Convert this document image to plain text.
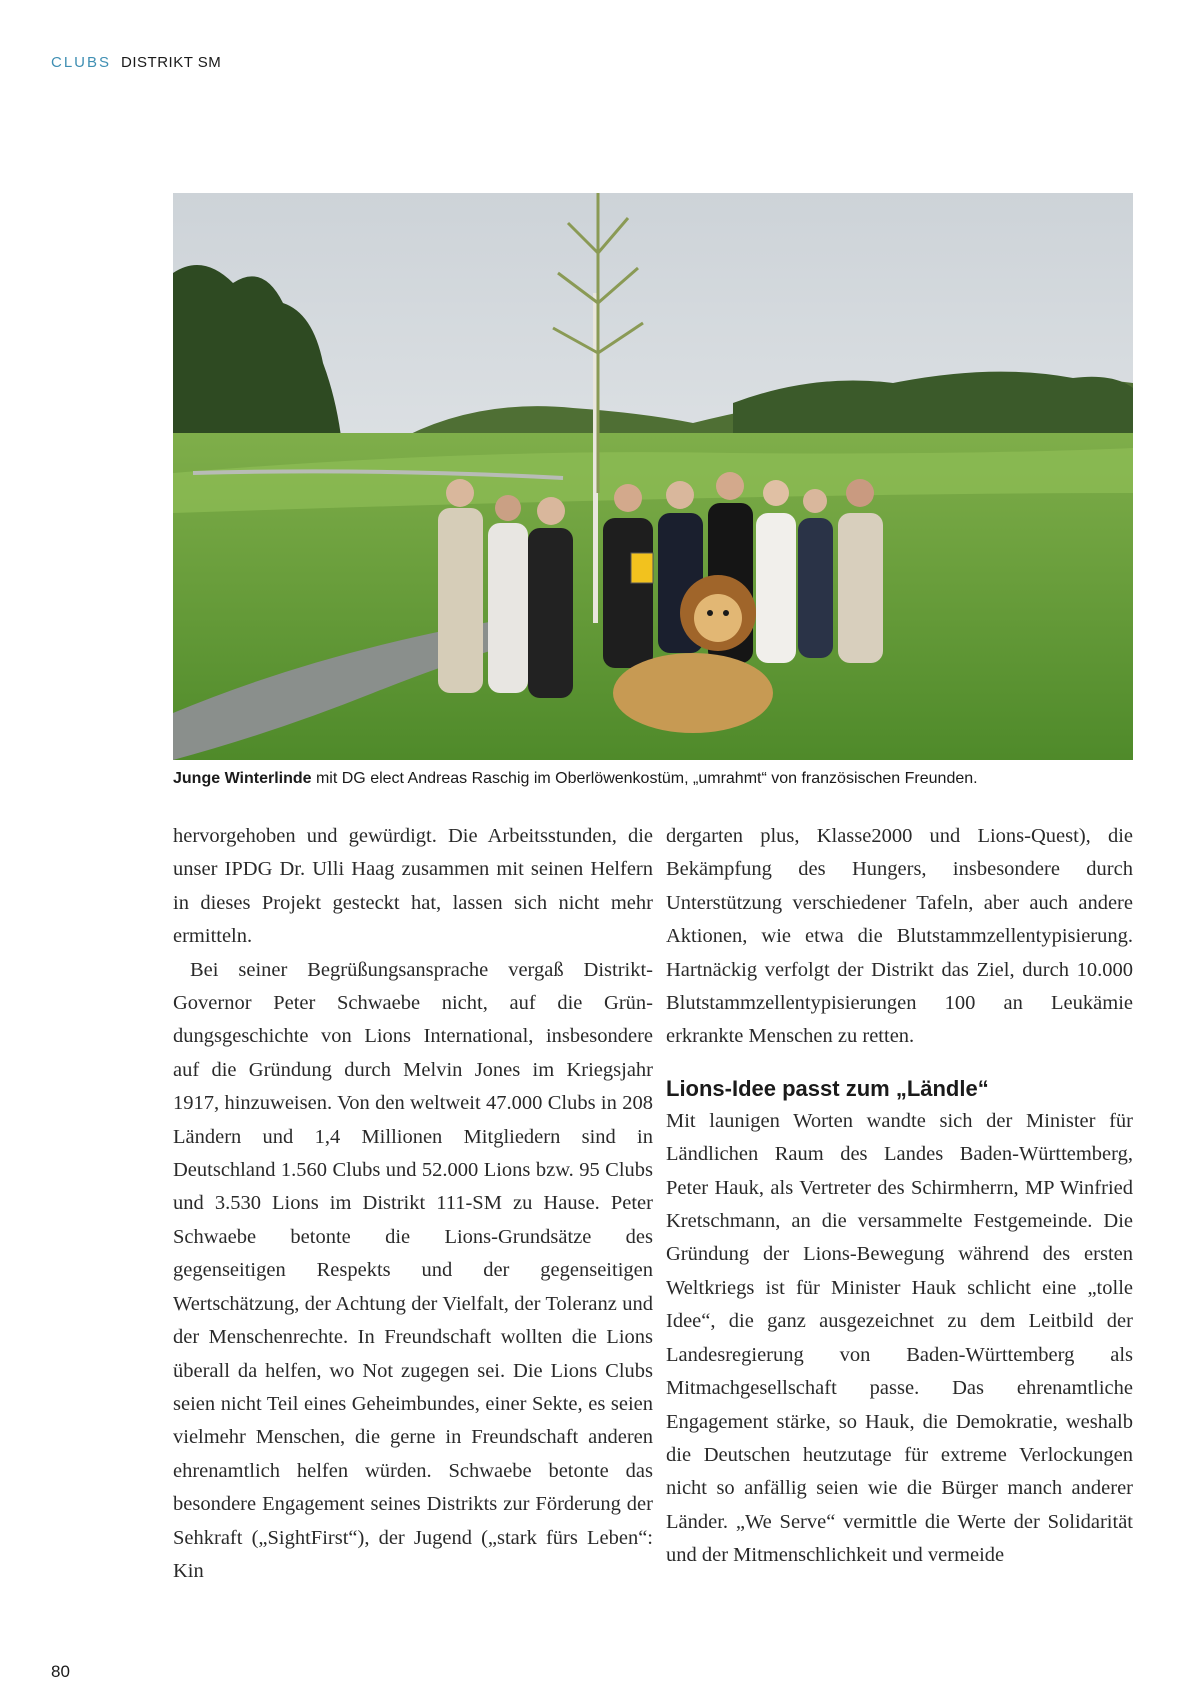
CLUBS DISTRIKT SM
Junge Winterlinde mit DG elect Andreas Raschig im Oberlöwenkostüm, „umrahmt“ von französischen Freunden.

hervorgehoben und gewürdigt. Die Arbeitsstunden, die unser IPDG Dr. Ulli Haag zusammen mit seinen Helfern in dieses Projekt gesteckt hat, lassen sich nicht mehr ermitteln.

Bei seiner Begrüßungsansprache vergaß Distrikt-Governor Peter Schwaebe nicht, auf die Gründungsgeschichte von Lions International, insbesondere auf die Gründung durch Melvin Jones im Kriegsjahr 1917, hinzuweisen. Von den weltweit 47.000 Clubs in 208 Ländern und 1,4 Millionen Mitgliedern sind in Deutschland 1.560 Clubs und 52.000 Lions bzw. 95 Clubs und 3.530 Lions im Distrikt 111-SM zu Hause. Peter Schwaebe betonte die Lions-Grundsätze des gegenseitigen Respekts und der gegenseitigen Wertschätzung, der Achtung der Vielfalt, der Toleranz und der Menschenrechte. In Freundschaft wollten die Lions überall da helfen, wo Not zugegen sei. Die Lions Clubs seien nicht Teil eines Geheimbundes, einer Sekte, es seien vielmehr Menschen, die gerne in Freundschaft anderen ehrenamtlich helfen würden. Schwaebe betonte das besondere Engagement seines Distrikts zur Förderung der Sehkraft („SightFirst“), der Jugend („stark fürs Leben“: Kin

dergarten plus, Klasse2000 und Lions-Quest), die Bekämpfung des Hungers, insbesondere durch Unterstützung verschiedener Tafeln, aber auch andere Aktionen, wie etwa die Blutstammzellentypisierung. Hartnäckig verfolgt der Distrikt das Ziel, durch 10.000 Blutstammzellentypisierungen 100 an Leukämie erkrankte Menschen zu retten.

Lions-Idee passt zum „Ländle“

Mit launigen Worten wandte sich der Minister für Ländlichen Raum des Landes Baden-Württemberg, Peter Hauk, als Vertreter des Schirmherrn, MP Winfried Kretschmann, an die versammelte Festgemeinde. Die Gründung der Lions-Bewegung während des ersten Weltkriegs ist für Minister Hauk schlicht eine „tolle Idee“, die ganz ausgezeichnet zu dem Leitbild der Landesregierung von Baden-Württemberg als Mitmachgesellschaft passe. Das ehrenamtliche Engagement stärke, so Hauk, die Demokratie, weshalb die Deutschen heutzutage für extreme Verlockungen nicht so anfällig seien wie die Bürger manch anderer Länder. „We Serve“ vermittle die Werte der Solidarität und der Mitmenschlichkeit und vermeide

80
